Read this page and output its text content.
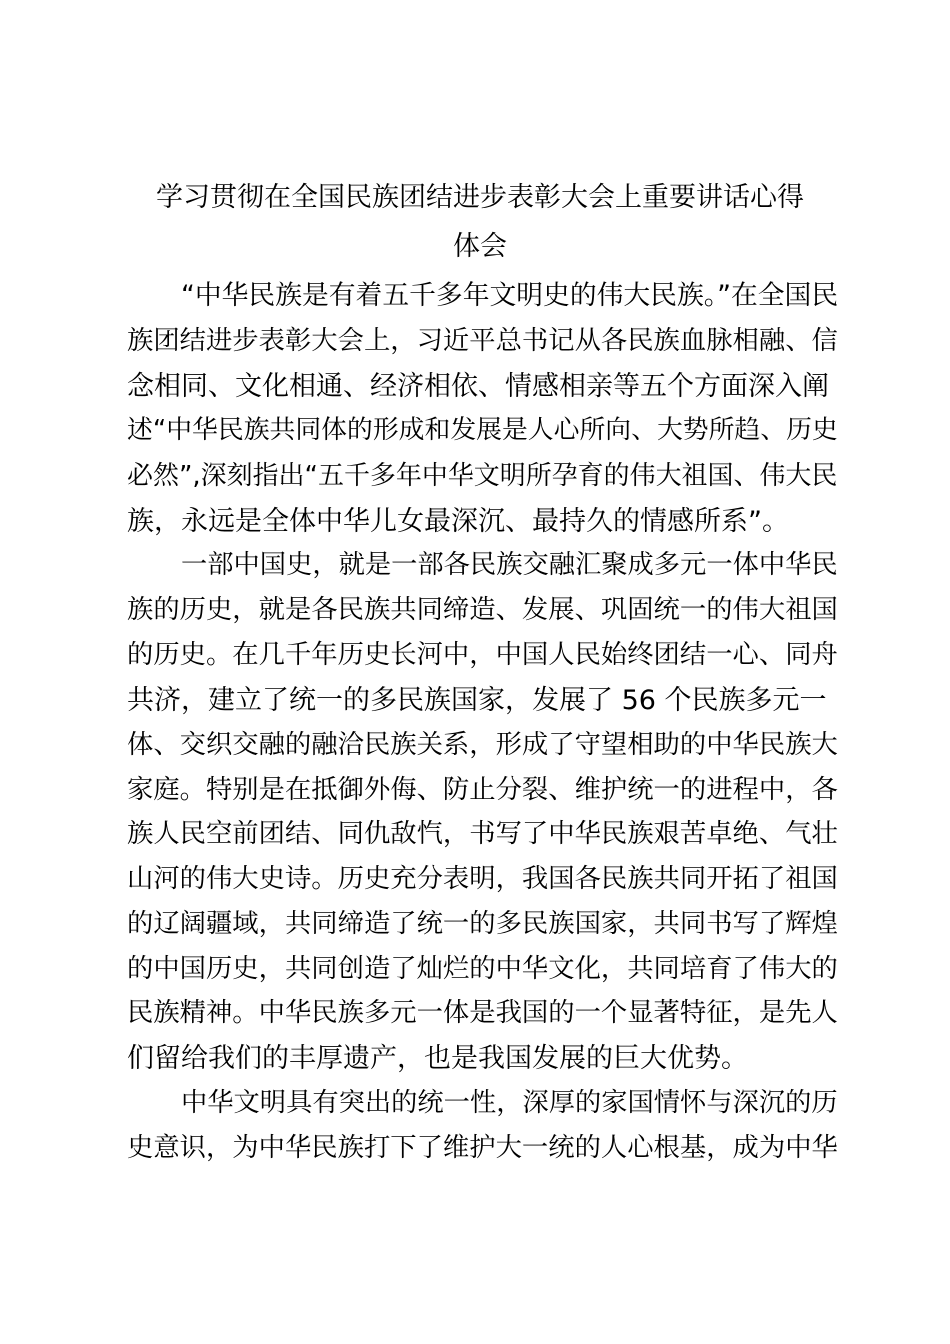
学习贯彻在全国民族团结进步表彰大会上重要讲话心得
体会
“中华民族是有着五千多年文明史的伟大民族。”在全国民
族团结进步表彰大会上，习近平总书记从各民族血脉相融、信
念相同、文化相通、经济相依、情感相亲等五个方面深入阐
述“中华民族共同体的形成和发展是人心所向、大势所趋、历史
必然”,深刻指出“五千多年中华文明所孕育的伟大祖国、伟大民
族，永远是全体中华儿女最深沉、最持久的情感所系”。
一部中国史，就是一部各民族交融汇聚成多元一体中华民
族的历史，就是各民族共同缔造、发展、巩固统一的伟大祖国
的历史。在几千年历史长河中，中国人民始终团结一心、同舟
共济，建立了统一的多民族国家，发展了 56 个民族多元一
体、交织交融的融洽民族关系，形成了守望相助的中华民族大
家庭。特别是在抵御外侮、防止分裂、维护统一的进程中，各
族人民空前团结、同仇敌忾，书写了中华民族艰苦卓绝、气壮
山河的伟大史诗。历史充分表明，我国各民族共同开拓了祖国
的辽阔疆域，共同缔造了统一的多民族国家，共同书写了辉煌
的中国历史，共同创造了灿烂的中华文化，共同培育了伟大的
民族精神。中华民族多元一体是我国的一个显著特征，是先人
们留给我们的丰厚遗产，也是我国发展的巨大优势。
中华文明具有突出的统一性，深厚的家国情怀与深沉的历
史意识，为中华民族打下了维护大一统的人心根基，成为中华
